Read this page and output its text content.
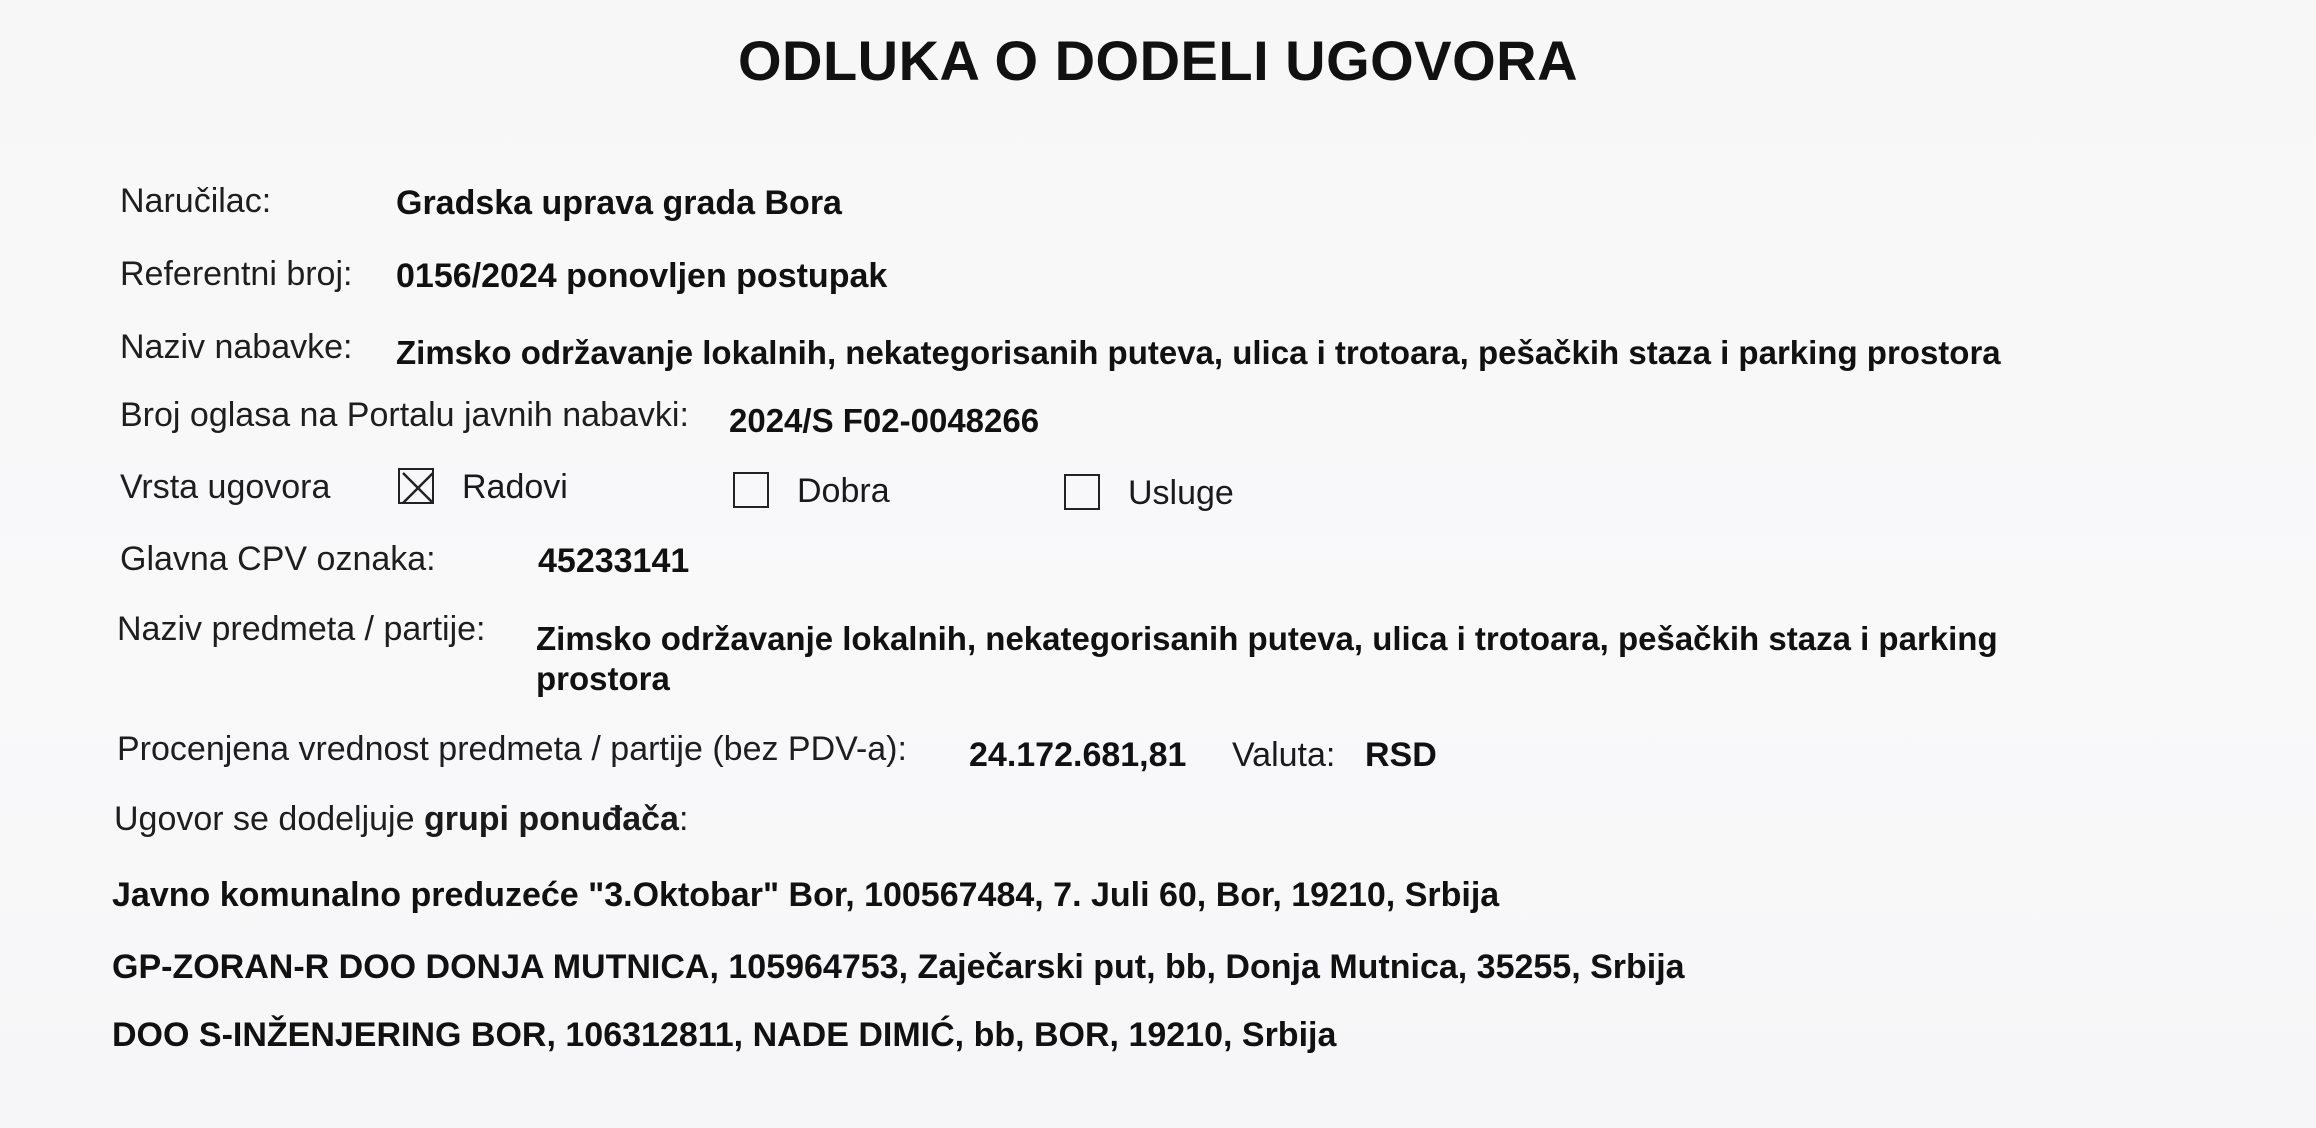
ODLUKA O DODELI UGOVORA
Naručilac:	Gradska uprava grada Bora
Referentni broj: 0156/2024 ponovljen postupak
Naziv nabavke: Zimsko održavanje lokalnih, nekategorisanih puteva, ulica i trotoara, pešačkih staza i parking prostora
Broj oglasa na Portalu javnih nabavki: 2024/S F02-0048266
Vrsta ugovora	Radovi	Dobra	Usluge
Glavna CPV oznaka:	45233141
Naziv predmeta / partije: Zimsko održavanje lokalnih, nekategorisanih puteva, ulica i trotoara, pešačkih staza i parking
prostora
Procenjena vrednost predmeta / partije (bez PDV-a): 24.172.681,81 Valuta: RSD
Ugovor se dodeljuje grupi ponuđača:
Javno komunalno preduzeće "3.Oktobar" Bor, 100567484, 7. Juli 60, Bor, 19210, Srbija
GP-ZORAN-R DOO DONJA MUTNICA, 105964753, Zaječarski put, bb, Donja Mutnica, 35255, Srbija
DOO S-INŽENJERING BOR, 106312811, NADE DIMIĆ, bb, BOR, 19210, Srbija
